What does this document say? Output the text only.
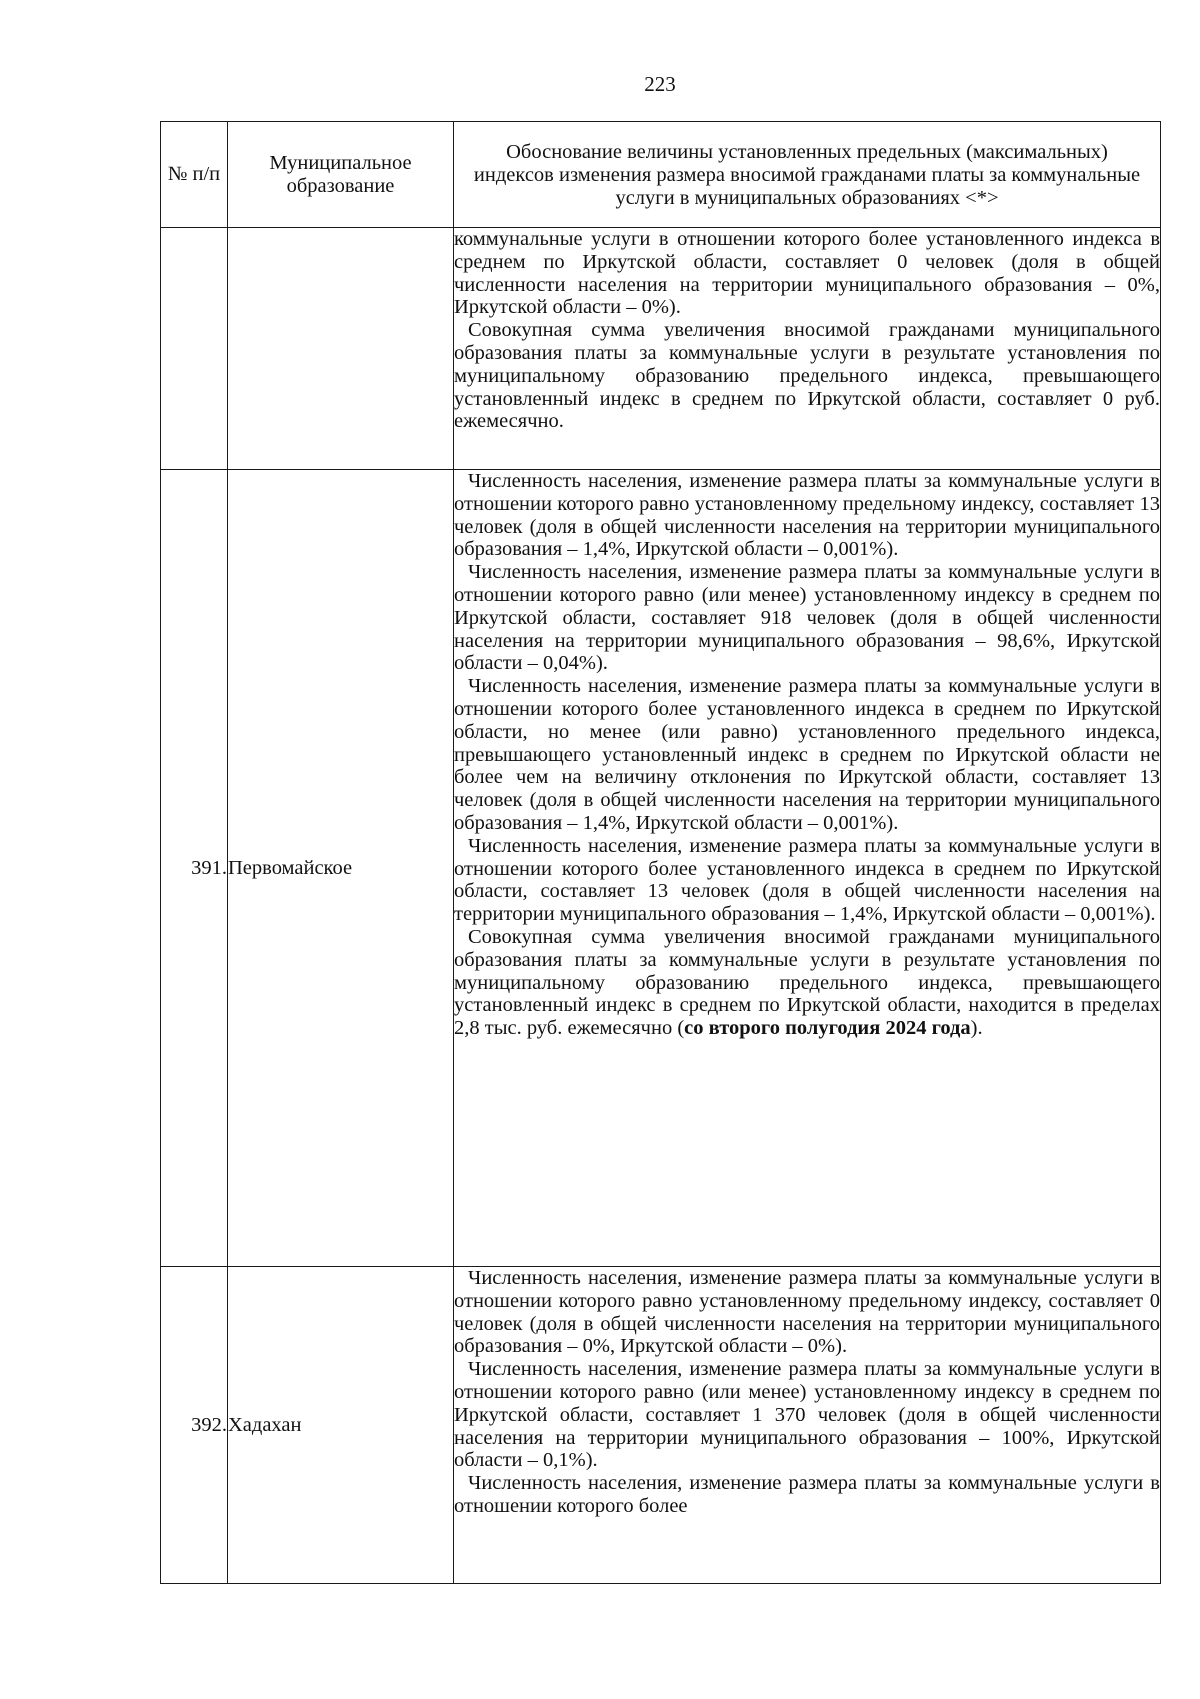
223
№ п/п	Муниципальное образование	Обоснование величины установленных предельных (максимальных) индексов изменения размера вносимой гражданами платы за коммунальные услуги в муниципальных образованиях <*>

		коммунальные услуги в отношении которого более установленного индекса в среднем по Иркутской области, составляет 0 человек (доля в общей численности населения на территории муниципального образования – 0%, Иркутской области – 0%).

Совокупная сумма увеличения вносимой гражданами муниципального образования платы за коммунальные услуги в результате установления по муниципальному образованию предельного индекса, превышающего установленный индекс в среднем по Иркутской области, составляет 0 руб. ежемесячно.

391.	Первомайское	Численность населения, изменение размера платы за коммунальные услуги в отношении которого равно установленному предельному индексу, составляет 13 человек (доля в общей численности населения на территории муниципального образования – 1,4%, Иркутской области – 0,001%).

Численность населения, изменение размера платы за коммунальные услуги в отношении которого равно (или менее) установленному индексу в среднем по Иркутской области, составляет 918 человек (доля в общей численности населения на территории муниципального образования – 98,6%, Иркутской области – 0,04%).

Численность населения, изменение размера платы за коммунальные услуги в отношении которого более установленного индекса в среднем по Иркутской области, но менее (или равно) установленного предельного индекса, превышающего установленный индекс в среднем по Иркутской области не более чем на величину отклонения по Иркутской области, составляет 13 человек (доля в общей численности населения на территории муниципального образования – 1,4%, Иркутской области – 0,001%).

Численность населения, изменение размера платы за коммунальные услуги в отношении которого более установленного индекса в среднем по Иркутской области, составляет 13 человек (доля в общей численности населения на территории муниципального образования – 1,4%, Иркутской области – 0,001%).

Совокупная сумма увеличения вносимой гражданами муниципального образования платы за коммунальные услуги в результате установления по муниципальному образованию предельного индекса, превышающего установленный индекс в среднем по Иркутской области, находится в пределах 2,8 тыс. руб. ежемесячно (со второго полугодия 2024 года).

392.	Хадахан	Численность населения, изменение размера платы за коммунальные услуги в отношении которого равно установленному предельному индексу, составляет 0 человек (доля в общей численности населения на территории муниципального образования – 0%, Иркутской области – 0%).

Численность населения, изменение размера платы за коммунальные услуги в отношении которого равно (или менее) установленному индексу в среднем по Иркутской области, составляет 1 370 человек (доля в общей численности населения на территории муниципального образования – 100%, Иркутской области – 0,1%).

Численность населения, изменение размера платы за коммунальные услуги в отношении которого более
